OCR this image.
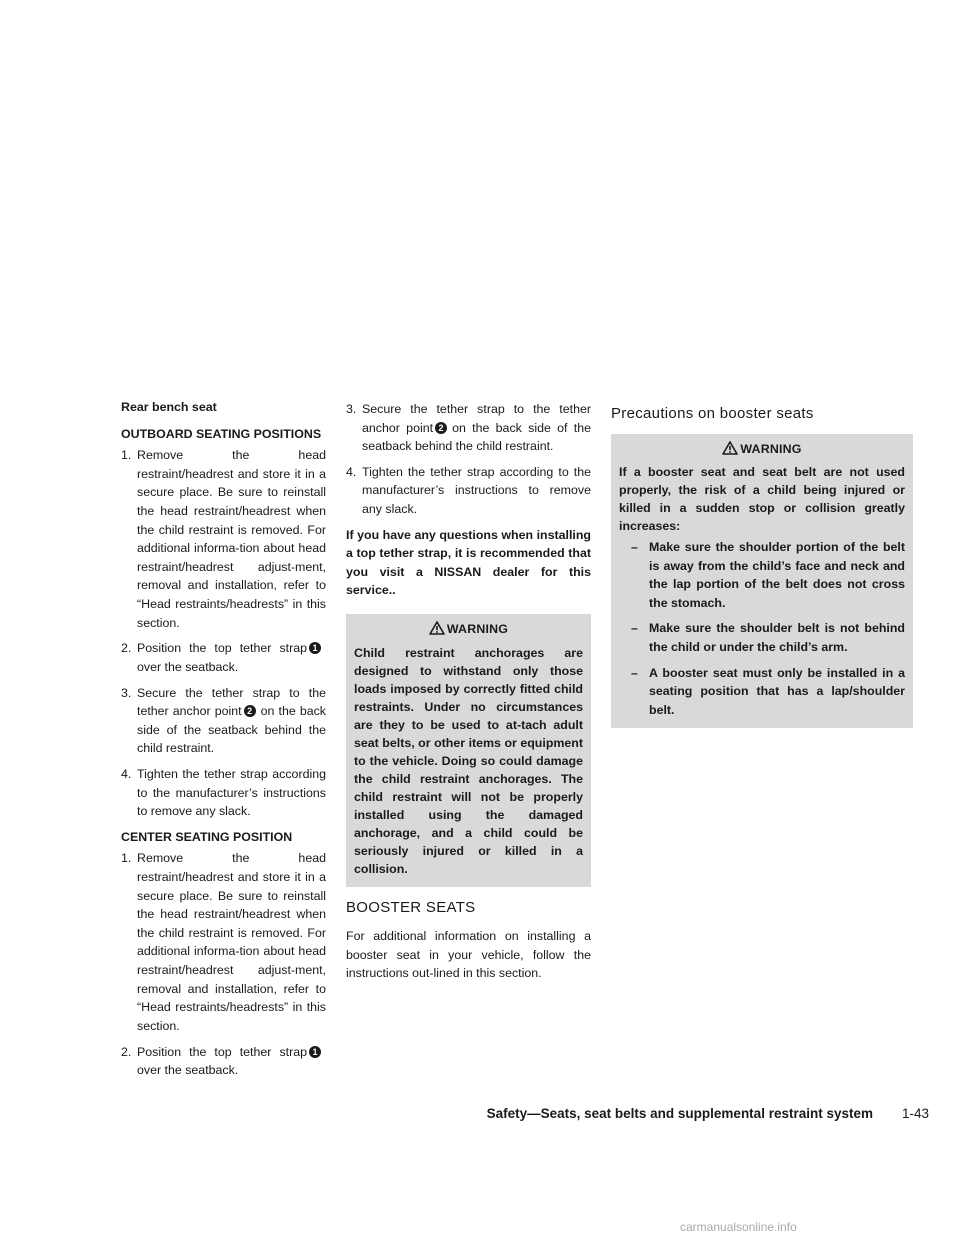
Rear bench seat

OUTBOARD SEATING POSITIONS

1. Remove the head restraint/headrest and store it in a secure place. Be sure to reinstall the head restraint/headrest when the child restraint is removed. For additional informa-tion about head restraint/headrest adjust-ment, removal and installation, refer to “Head restraints/headrests” in this section.
2. Position the top tether strap 1over the seatback.
3. Secure the tether strap to the tether anchor point 2 on the back side of the seatback behind the child restraint.
4. Tighten the tether strap according to the manufacturer’s instructions to remove any slack.

CENTER SEATING POSITION

1. Remove the head restraint/headrest and store it in a secure place. Be sure to reinstall the head restraint/headrest when the child restraint is removed. For additional informa-tion about head restraint/headrest adjust-ment, removal and installation, refer to “Head restraints/headrests” in this section.
2. Position the top tether strap 1over the seatback.
3. Secure the tether strap to the tether anchor point 2 on the back side of the seatback behind the child restraint.
4. Tighten the tether strap according to the manufacturer’s instructions to remove any slack.

If you have any questions when installing a top tether strap, it is recommended that you visit a NISSAN dealer for this service..

WARNING
Child restraint anchorages are designed to withstand only those loads imposed by correctly fitted child restraints. Under no circumstances are they to be used to at-tach adult seat belts, or other items or equipment to the vehicle. Doing so could damage the child restraint anchorages. The child restraint will not be properly installed using the damaged anchorage, and a child could be seriously injured or killed in a collision.
BOOSTER SEATS

For additional information on installing a booster seat in your vehicle, follow the instructions out-lined in this section.

Precautions on booster seats
WARNING
If a booster seat and seat belt are not used properly, the risk of a child being injured or killed in a sudden stop or collision greatly increases:
– Make sure the shoulder portion of the belt is away from the child’s face and neck and the lap portion of the belt does not cross the stomach.
– Make sure the shoulder belt is not behind the child or under the child’s arm.
– A booster seat must only be installed in a seating position that has a lap/shoulder belt.
Safety—Seats, seat belts and supplemental restraint system 1-43
carmanualsonline.info
